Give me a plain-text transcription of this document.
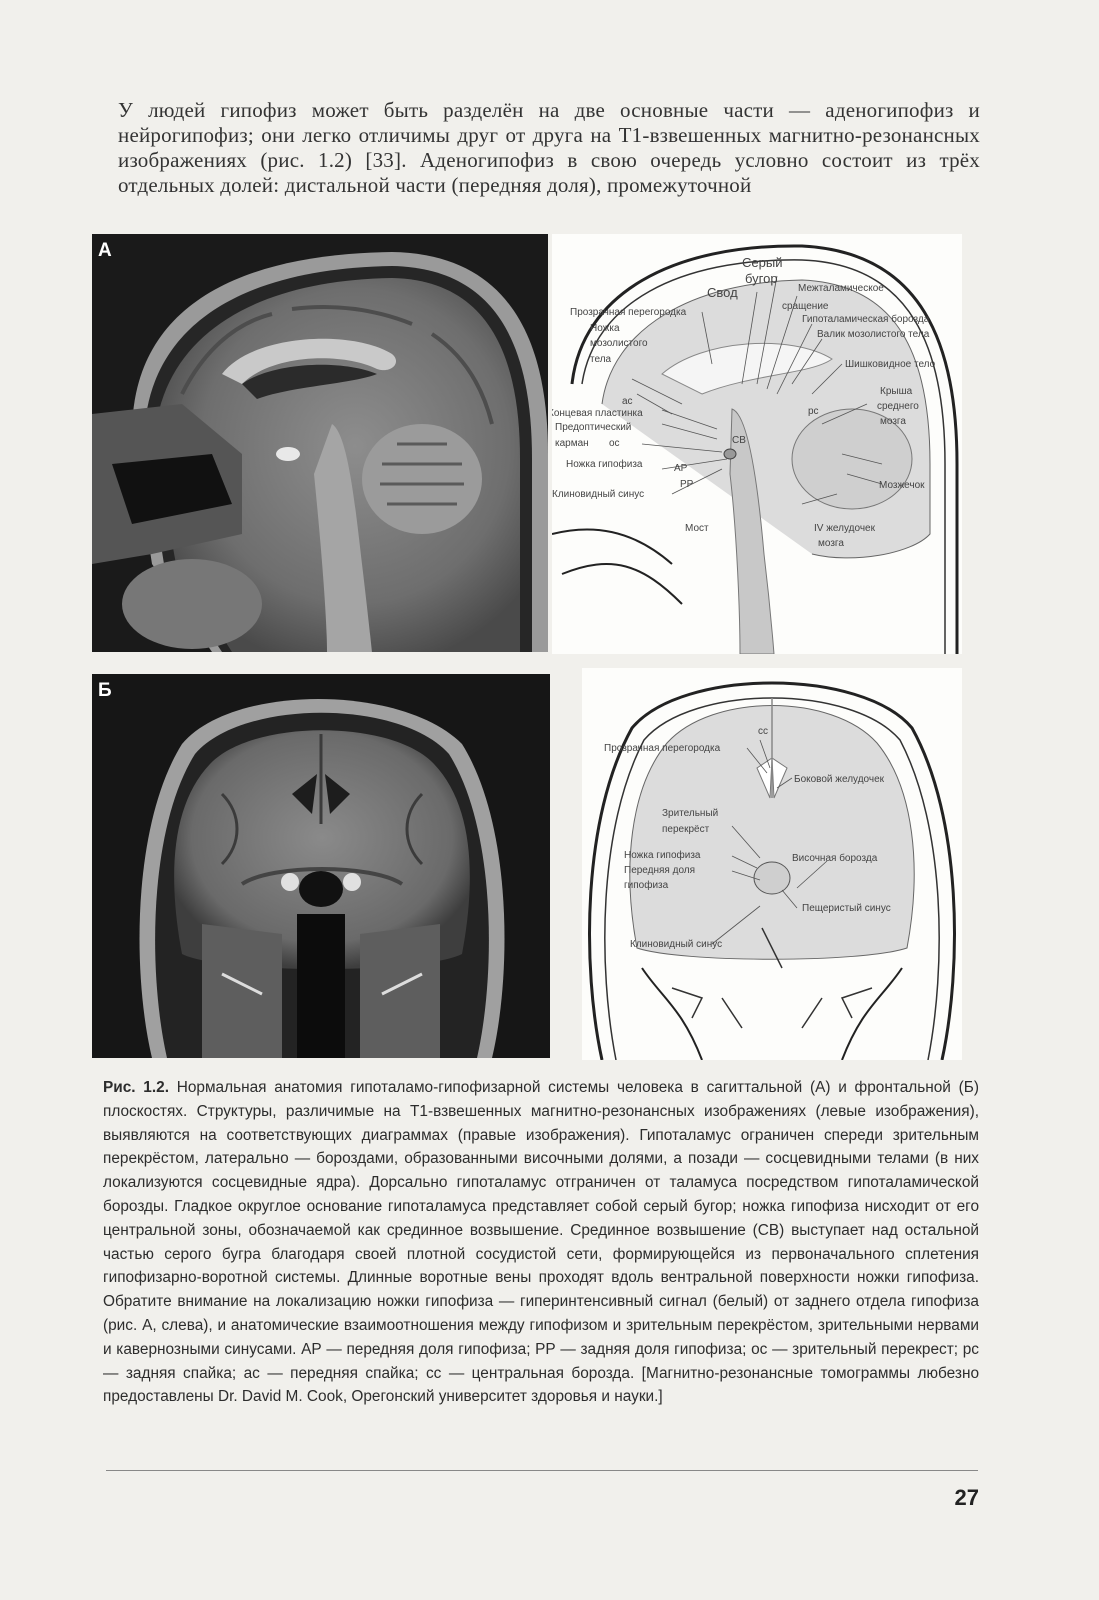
У людей гипофиз может быть разделён на две основные части — аденогипофиз и нейрогипофиз; они легко отличимы друг от друга на Т1-взвешенных магнитно-резонансных изображениях (рис. 1.2) [33]. Аденогипофиз в свою очередь условно состоит из трёх отдельных долей: дистальной части (передняя доля), промежуточной

А
Серый
бугор
Свод	Межталамическое
сращение
Гипоталамическая борозда
Валик мозолистого тела
Шишковидное тело
Прозрачная перегородка
Ножка
мозолистого
тела
ас
Концевая пластинка
Предоптический
карман ос
Ножка гипофиза	АР
РР
Клиновидный синус
СВ
рс
Крыша
среднего
мозга
Мозжечок
Мост	IV желудочек
мозга
Б
сс
Прозрачная перегородка
Боковой желудочек
Зрительный
перекрёст
Ножка гипофиза
Передняя доля
гипофиза
Височная борозда
Пещеристый синус
Клиновидный синус

Рис. 1.2. Нормальная анатомия гипоталамо-гипофизарной системы человека в сагиттальной (А) и фронтальной (Б) плоскостях. Структуры, различимые на Т1-взвешенных магнитно-резонансных изображениях (левые изображения), выявляются на соответствующих диаграммах (правые изображения). Гипоталамус ограничен спереди зрительным перекрёстом, латерально — бороздами, образованными височными долями, а позади — сосцевидными телами (в них локализуются сосцевидные ядра). Дорсально гипоталамус отграничен от таламуса посредством гипоталамической борозды. Гладкое округлое основание гипоталамуса представляет собой серый бугор; ножка гипофиза нисходит от его центральной зоны, обозначаемой как срединное возвышение. Срединное возвышение (СВ) выступает над остальной частью серого бугра благодаря своей плотной сосудистой сети, формирующейся из первоначального сплетения гипофизарно-воротной системы. Длинные воротные вены проходят вдоль вентральной поверхности ножки гипофиза. Обратите внимание на локализацию ножки гипофиза — гиперинтенсивный сигнал (белый) от заднего отдела гипофиза (рис. А, слева), и анатомические взаимоотношения между гипофизом и зрительным перекрёстом, зрительными нервами и кавернозными синусами. АР — передняя доля гипофиза; РР — задняя доля гипофиза; ос — зрительный перекрест; рс — задняя спайка; ас — передняя спайка; сс — центральная борозда. [Магнитно-резонансные томограммы любезно предоставлены Dr. David M. Cook, Орегонский университет здоровья и науки.]

27
